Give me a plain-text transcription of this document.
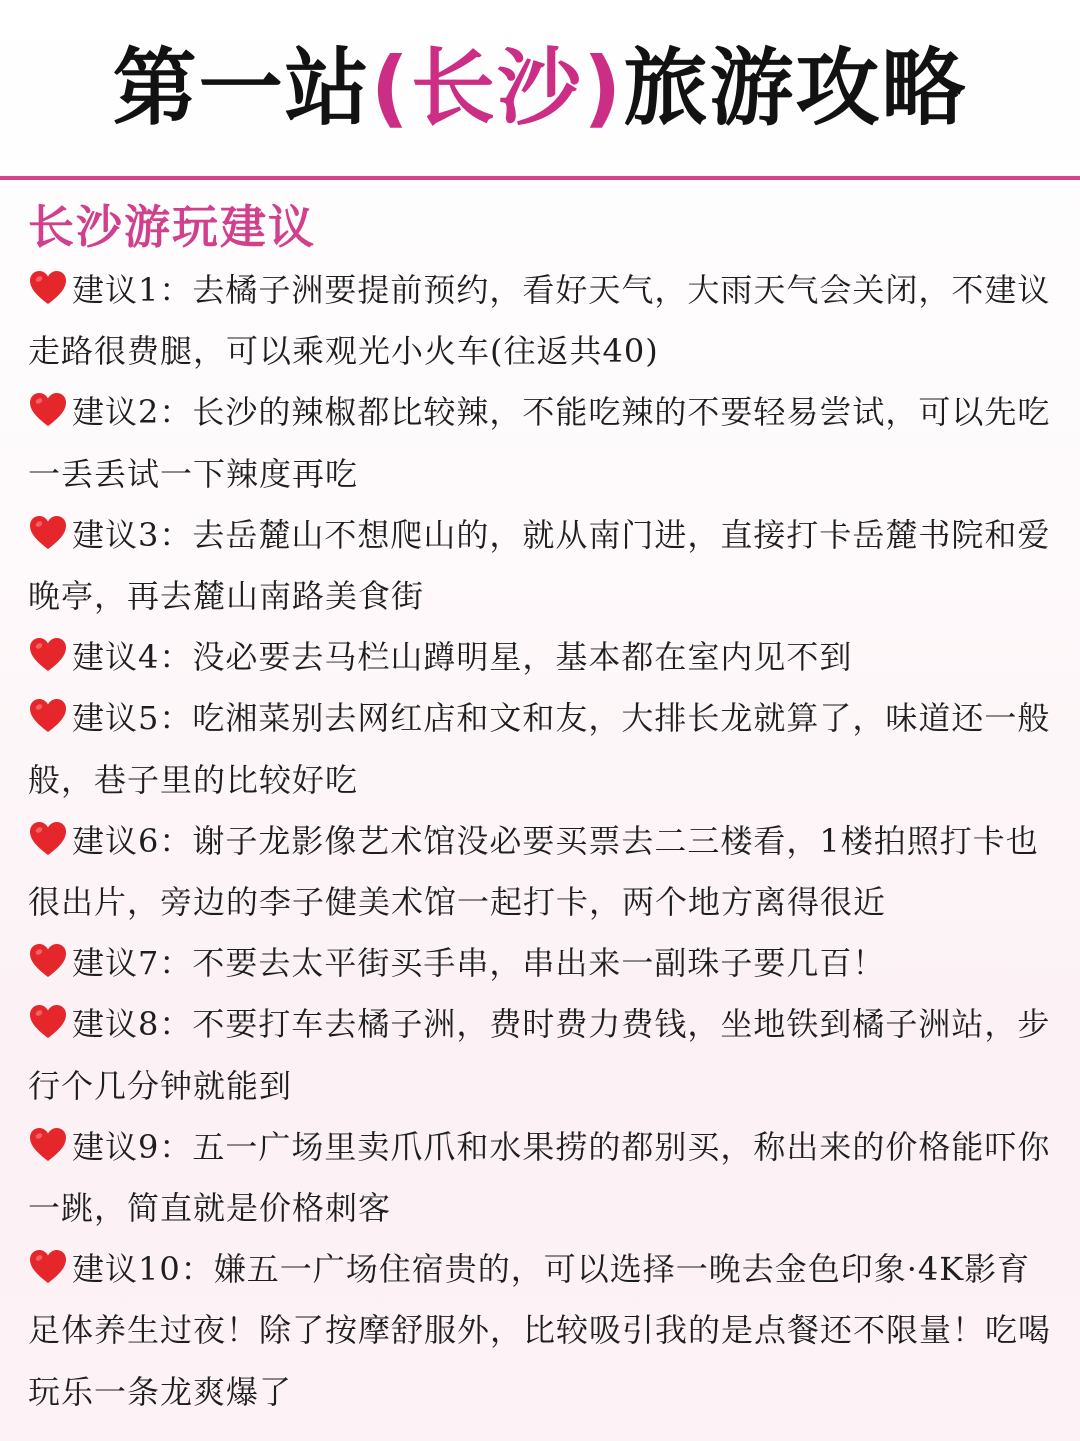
第一站(长沙)旅游攻略
长沙游玩建议
建议1：去橘子洲要提前预约，看好天气，大雨天气会关闭，不建议走路很费腿，可以乘观光小火车(往返共40)
建议2：长沙的辣椒都比较辣，不能吃辣的不要轻易尝试，可以先吃一丢丢试一下辣度再吃
建议3：去岳麓山不想爬山的，就从南门进，直接打卡岳麓书院和爱晚亭，再去麓山南路美食街
建议4：没必要去马栏山蹲明星，基本都在室内见不到
建议5：吃湘菜别去网红店和文和友，大排长龙就算了，味道还一般般，巷子里的比较好吃
建议6：谢子龙影像艺术馆没必要买票去二三楼看，1楼拍照打卡也很出片，旁边的李子健美术馆一起打卡，两个地方离得很近
建议7：不要去太平街买手串，串出来一副珠子要几百！
建议8：不要打车去橘子洲，费时费力费钱，坐地铁到橘子洲站，步行个几分钟就能到
建议9：五一广场里卖爪爪和水果捞的都别买，称出来的价格能吓你一跳，简直就是价格刺客
建议10：嫌五一广场住宿贵的，可以选择一晚去金色印象·4K影育足体养生过夜！除了按摩舒服外，比较吸引我的是点餐还不限量！吃喝玩乐一条龙爽爆了
